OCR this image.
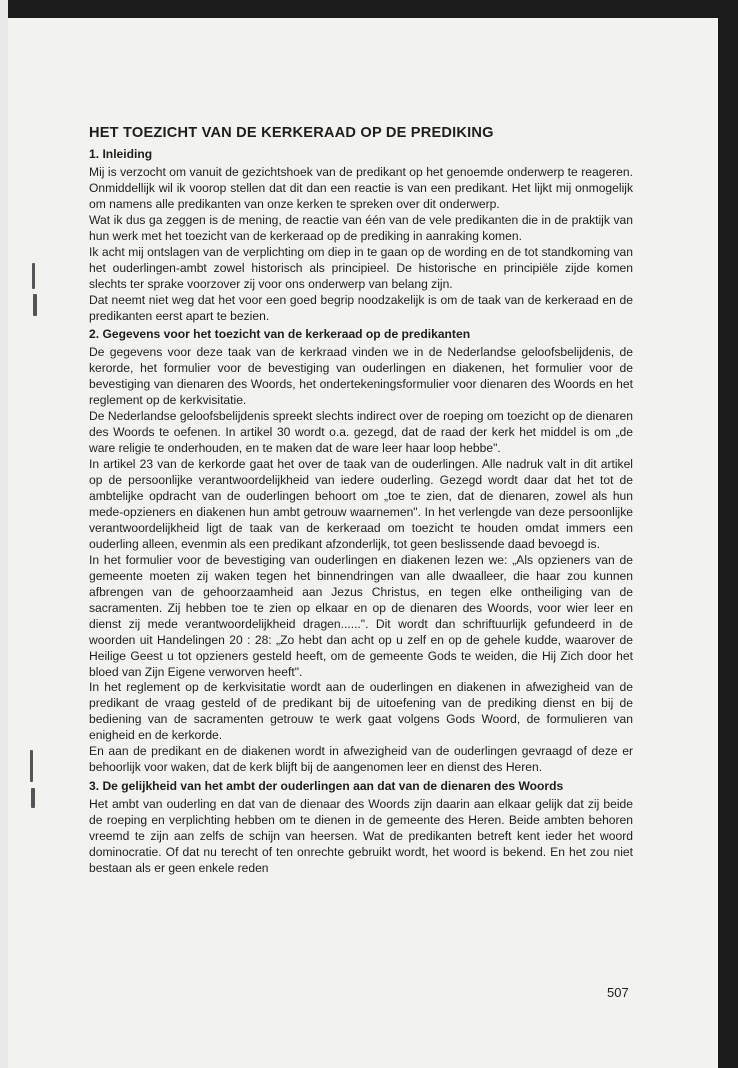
HET TOEZICHT VAN DE KERKERAAD OP DE PREDIKING
1. Inleiding

Mij is verzocht om vanuit de gezichtshoek van de predikant op het genoemde onderwerp te reageren. Onmiddellijk wil ik voorop stellen dat dit dan een reactie is van een predikant. Het lijkt mij onmogelijk om namens alle predikanten van onze kerken te spreken over dit onderwerp.

Wat ik dus ga zeggen is de mening, de reactie van één van de vele predikanten die in de praktijk van hun werk met het toezicht van de kerkeraad op de prediking in aanraking komen.

Ik acht mij ontslagen van de verplichting om diep in te gaan op de wording en de tot standkoming van het ouderlingen-ambt zowel historisch als principieel. De historische en principiële zijde komen slechts ter sprake voorzover zij voor ons onderwerp van belang zijn.

Dat neemt niet weg dat het voor een goed begrip noodzakelijk is om de taak van de kerkeraad en de predikanten eerst apart te bezien.

2. Gegevens voor het toezicht van de kerkeraad op de predikanten

De gegevens voor deze taak van de kerkraad vinden we in de Nederlandse geloofsbelijdenis, de kerorde, het formulier voor de bevestiging van ouderlingen en diakenen, het formulier voor de bevestiging van dienaren des Woords, het ondertekeningsformulier voor dienaren des Woords en het reglement op de kerkvisitatie.

De Nederlandse geloofsbelijdenis spreekt slechts indirect over de roeping om toezicht op de dienaren des Woords te oefenen. In artikel 30 wordt o.a. gezegd, dat de raad der kerk het middel is om „de ware religie te onderhouden, en te maken dat de ware leer haar loop hebbe".

In artikel 23 van de kerkorde gaat het over de taak van de ouderlingen. Alle nadruk valt in dit artikel op de persoonlijke verantwoordelijkheid van iedere ouderling. Gezegd wordt daar dat het tot de ambtelijke opdracht van de ouderlingen behoort om „toe te zien, dat de dienaren, zowel als hun mede-opzieners en diakenen hun ambt getrouw waarnemen". In het verlengde van deze persoonlijke verantwoordelijkheid ligt de taak van de kerkeraad om toezicht te houden omdat immers een ouderling alleen, evenmin als een predikant afzonderlijk, tot geen beslissende daad bevoegd is.

In het formulier voor de bevestiging van ouderlingen en diakenen lezen we: „Als opzieners van de gemeente moeten zij waken tegen het binnendringen van alle dwaalleer, die haar zou kunnen afbrengen van de gehoorzaamheid aan Jezus Christus, en tegen elke ontheiliging van de sacramenten. Zij hebben toe te zien op elkaar en op de dienaren des Woords, voor wier leer en dienst zij mede verantwoordelijkheid dragen......". Dit wordt dan schriftuurlijk gefundeerd in de woorden uit Handelingen 20 : 28: „Zo hebt dan acht op u zelf en op de gehele kudde, waarover de Heilige Geest u tot opzieners gesteld heeft, om de gemeente Gods te weiden, die Hij Zich door het bloed van Zijn Eigene verworven heeft".

In het reglement op de kerkvisitatie wordt aan de ouderlingen en diakenen in afwezigheid van de predikant de vraag gesteld of de predikant bij de uitoefening van de prediking dienst en bij de bediening van de sacramenten getrouw te werk gaat volgens Gods Woord, de formulieren van enigheid en de kerkorde.

En aan de predikant en de diakenen wordt in afwezigheid van de ouderlingen gevraagd of deze er behoorlijk voor waken, dat de kerk blijft bij de aangenomen leer en dienst des Heren.

3. De gelijkheid van het ambt der ouderlingen aan dat van de dienaren des Woords

Het ambt van ouderling en dat van de dienaar des Woords zijn daarin aan elkaar gelijk dat zij beide de roeping en verplichting hebben om te dienen in de gemeente des Heren. Beide ambten behoren vreemd te zijn aan zelfs de schijn van heersen. Wat de predikanten betreft kent ieder het woord dominocratie. Of dat nu terecht of ten onrechte gebruikt wordt, het woord is bekend. En het zou niet bestaan als er geen enkele reden

507
